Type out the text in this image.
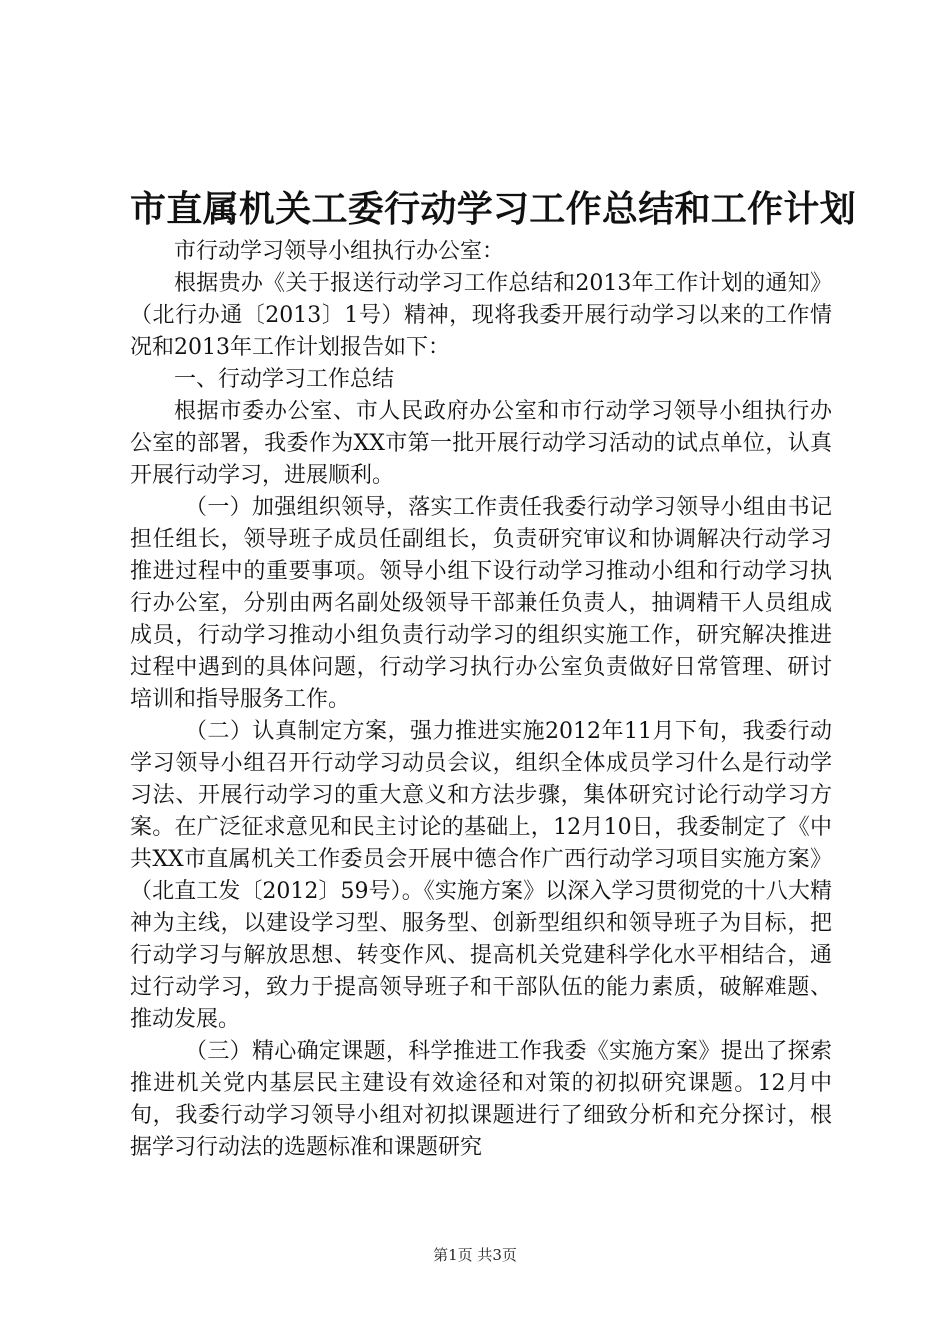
市直属机关工委行动学习工作总结和工作计划

市行动学习领导小组执行办公室：

根据贵办《关于报送行动学习工作总结和2013年工作计划的通知》（北行办通〔2013〕1号）精神，现将我委开展行动学习以来的工作情况和2013年工作计划报告如下：

一、行动学习工作总结

根据市委办公室、市人民政府办公室和市行动学习领导小组执行办公室的部署，我委作为XX市第一批开展行动学习活动的试点单位，认真开展行动学习，进展顺利。

（一）加强组织领导，落实工作责任我委行动学习领导小组由书记担任组长，领导班子成员任副组长，负责研究审议和协调解决行动学习推进过程中的重要事项。领导小组下设行动学习推动小组和行动学习执行办公室，分别由两名副处级领导干部兼任负责人，抽调精干人员组成成员，行动学习推动小组负责行动学习的组织实施工作，研究解决推进过程中遇到的具体问题，行动学习执行办公室负责做好日常管理、研讨培训和指导服务工作。

（二）认真制定方案，强力推进实施2012年11月下旬，我委行动学习领导小组召开行动学习动员会议，组织全体成员学习什么是行动学习法、开展行动学习的重大意义和方法步骤，集体研究讨论行动学习方案。在广泛征求意见和民主讨论的基础上，12月10日，我委制定了《中共XX市直属机关工作委员会开展中德合作广西行动学习项目实施方案》（北直工发〔2012〕59号）。《实施方案》以深入学习贯彻党的十八大精神为主线，以建设学习型、服务型、创新型组织和领导班子为目标，把行动学习与解放思想、转变作风、提高机关党建科学化水平相结合，通过行动学习，致力于提高领导班子和干部队伍的能力素质，破解难题、推动发展。

（三）精心确定课题，科学推进工作我委《实施方案》提出了探索推进机关党内基层民主建设有效途径和对策的初拟研究课题。12月中旬，我委行动学习领导小组对初拟课题进行了细致分析和充分探讨，根据学习行动法的选题标准和课题研究

第1页 共3页
